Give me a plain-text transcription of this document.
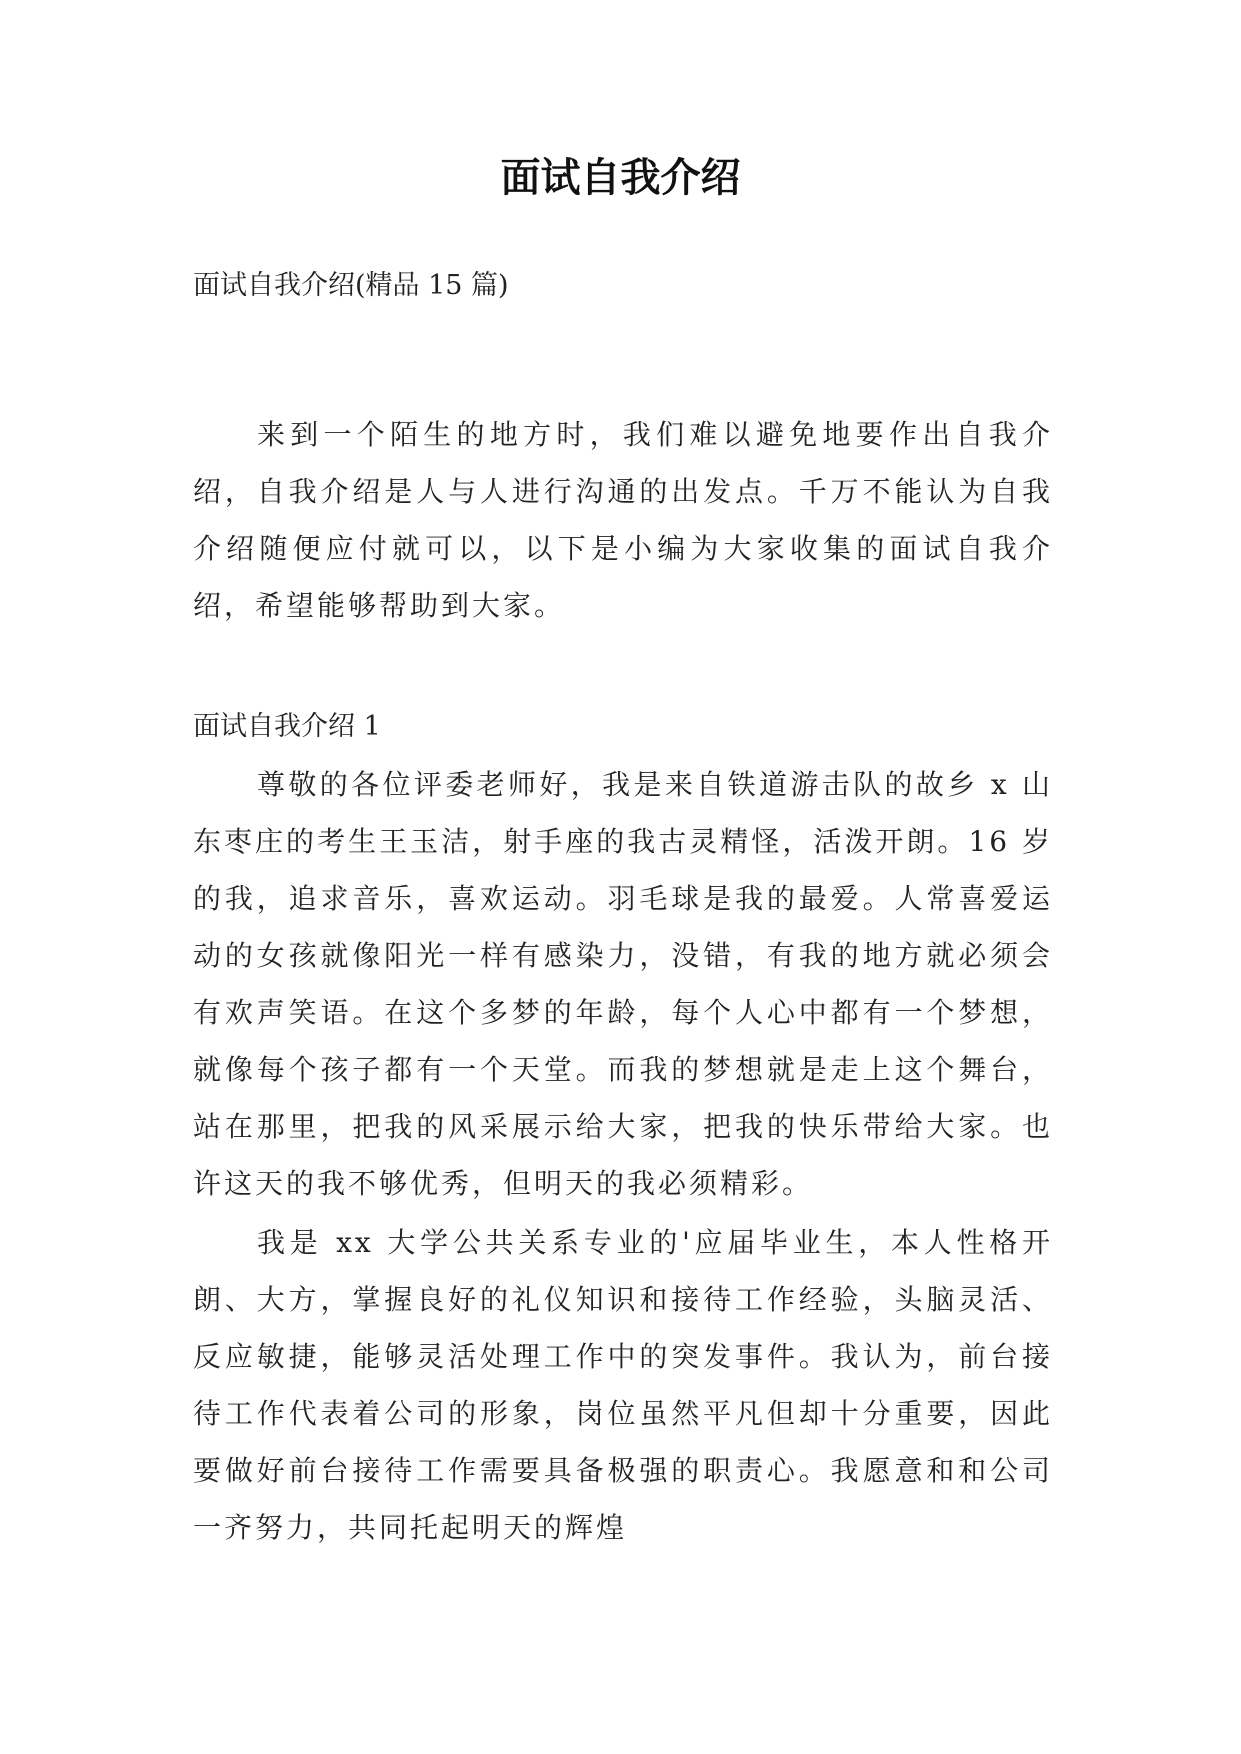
面试自我介绍

面试自我介绍(精品 15 篇)

来到一个陌生的地方时，我们难以避免地要作出自我介绍，自我介绍是人与人进行沟通的出发点。千万不能认为自我介绍随便应付就可以，以下是小编为大家收集的面试自我介绍，希望能够帮助到大家。

面试自我介绍 1

尊敬的各位评委老师好，我是来自铁道游击队的故乡 x 山东枣庄的考生王玉洁，射手座的我古灵精怪，活泼开朗。16 岁的我，追求音乐，喜欢运动。羽毛球是我的最爱。人常喜爱运动的女孩就像阳光一样有感染力，没错，有我的地方就必须会有欢声笑语。在这个多梦的年龄，每个人心中都有一个梦想，就像每个孩子都有一个天堂。而我的梦想就是走上这个舞台，站在那里，把我的风采展示给大家，把我的快乐带给大家。也许这天的我不够优秀，但明天的我必须精彩。

我是 xx 大学公共关系专业的'应届毕业生，本人性格开朗、大方，掌握良好的礼仪知识和接待工作经验，头脑灵活、反应敏捷，能够灵活处理工作中的突发事件。我认为，前台接待工作代表着公司的形象，岗位虽然平凡但却十分重要，因此要做好前台接待工作需要具备极强的职责心。我愿意和和公司一齐努力，共同托起明天的辉煌
